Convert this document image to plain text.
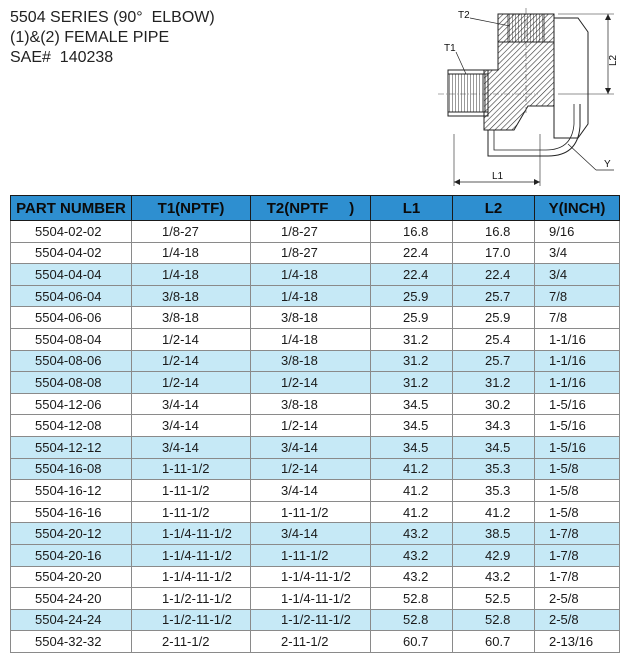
5504 SERIES (90°  ELBOW)
(1)&(2) FEMALE PIPE
SAE#  140238
T2
T1
L2
L1
Y
PART NUMBER	T1(NPTF)	T2(NPTF     )	L1	L2	Y(INCH)
5504-02-02	1/8-27	1/8-27	16.8	16.8	9/16
5504-04-02	1/4-18	1/8-27	22.4	17.0	3/4
5504-04-04	1/4-18	1/4-18	22.4	22.4	3/4
5504-06-04	3/8-18	1/4-18	25.9	25.7	7/8
5504-06-06	3/8-18	3/8-18	25.9	25.9	7/8
5504-08-04	1/2-14	1/4-18	31.2	25.4	1-1/16
5504-08-06	1/2-14	3/8-18	31.2	25.7	1-1/16
5504-08-08	1/2-14	1/2-14	31.2	31.2	1-1/16
5504-12-06	3/4-14	3/8-18	34.5	30.2	1-5/16
5504-12-08	3/4-14	1/2-14	34.5	34.3	1-5/16
5504-12-12	3/4-14	3/4-14	34.5	34.5	1-5/16
5504-16-08	1-11-1/2	1/2-14	41.2	35.3	1-5/8
5504-16-12	1-11-1/2	3/4-14	41.2	35.3	1-5/8
5504-16-16	1-11-1/2	1-11-1/2	41.2	41.2	1-5/8
5504-20-12	1-1/4-11-1/2	3/4-14	43.2	38.5	1-7/8
5504-20-16	1-1/4-11-1/2	1-11-1/2	43.2	42.9	1-7/8
5504-20-20	1-1/4-11-1/2	1-1/4-11-1/2	43.2	43.2	1-7/8
5504-24-20	1-1/2-11-1/2	1-1/4-11-1/2	52.8	52.5	2-5/8
5504-24-24	1-1/2-11-1/2	1-1/2-11-1/2	52.8	52.8	2-5/8
5504-32-32	2-11-1/2	2-11-1/2	60.7	60.7	2-13/16
